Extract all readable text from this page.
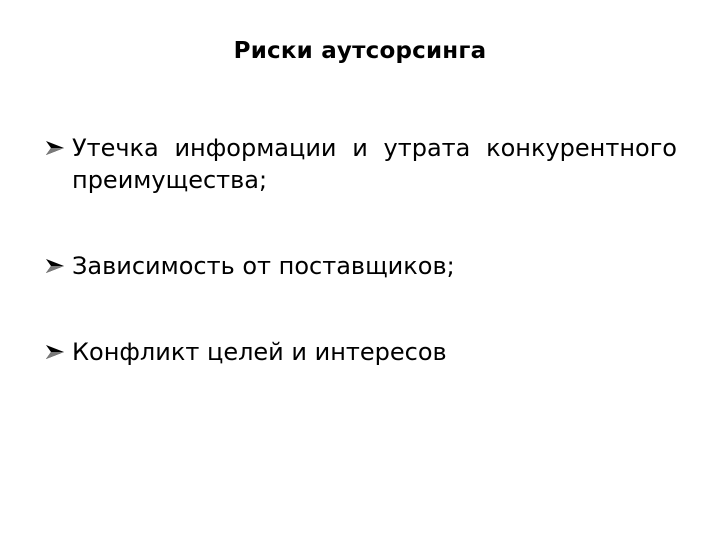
Риски аутсорсинга
Утечка информации и утрата конкурентного преимущества;
Зависимость от поставщиков;
Конфликт целей и интересов
